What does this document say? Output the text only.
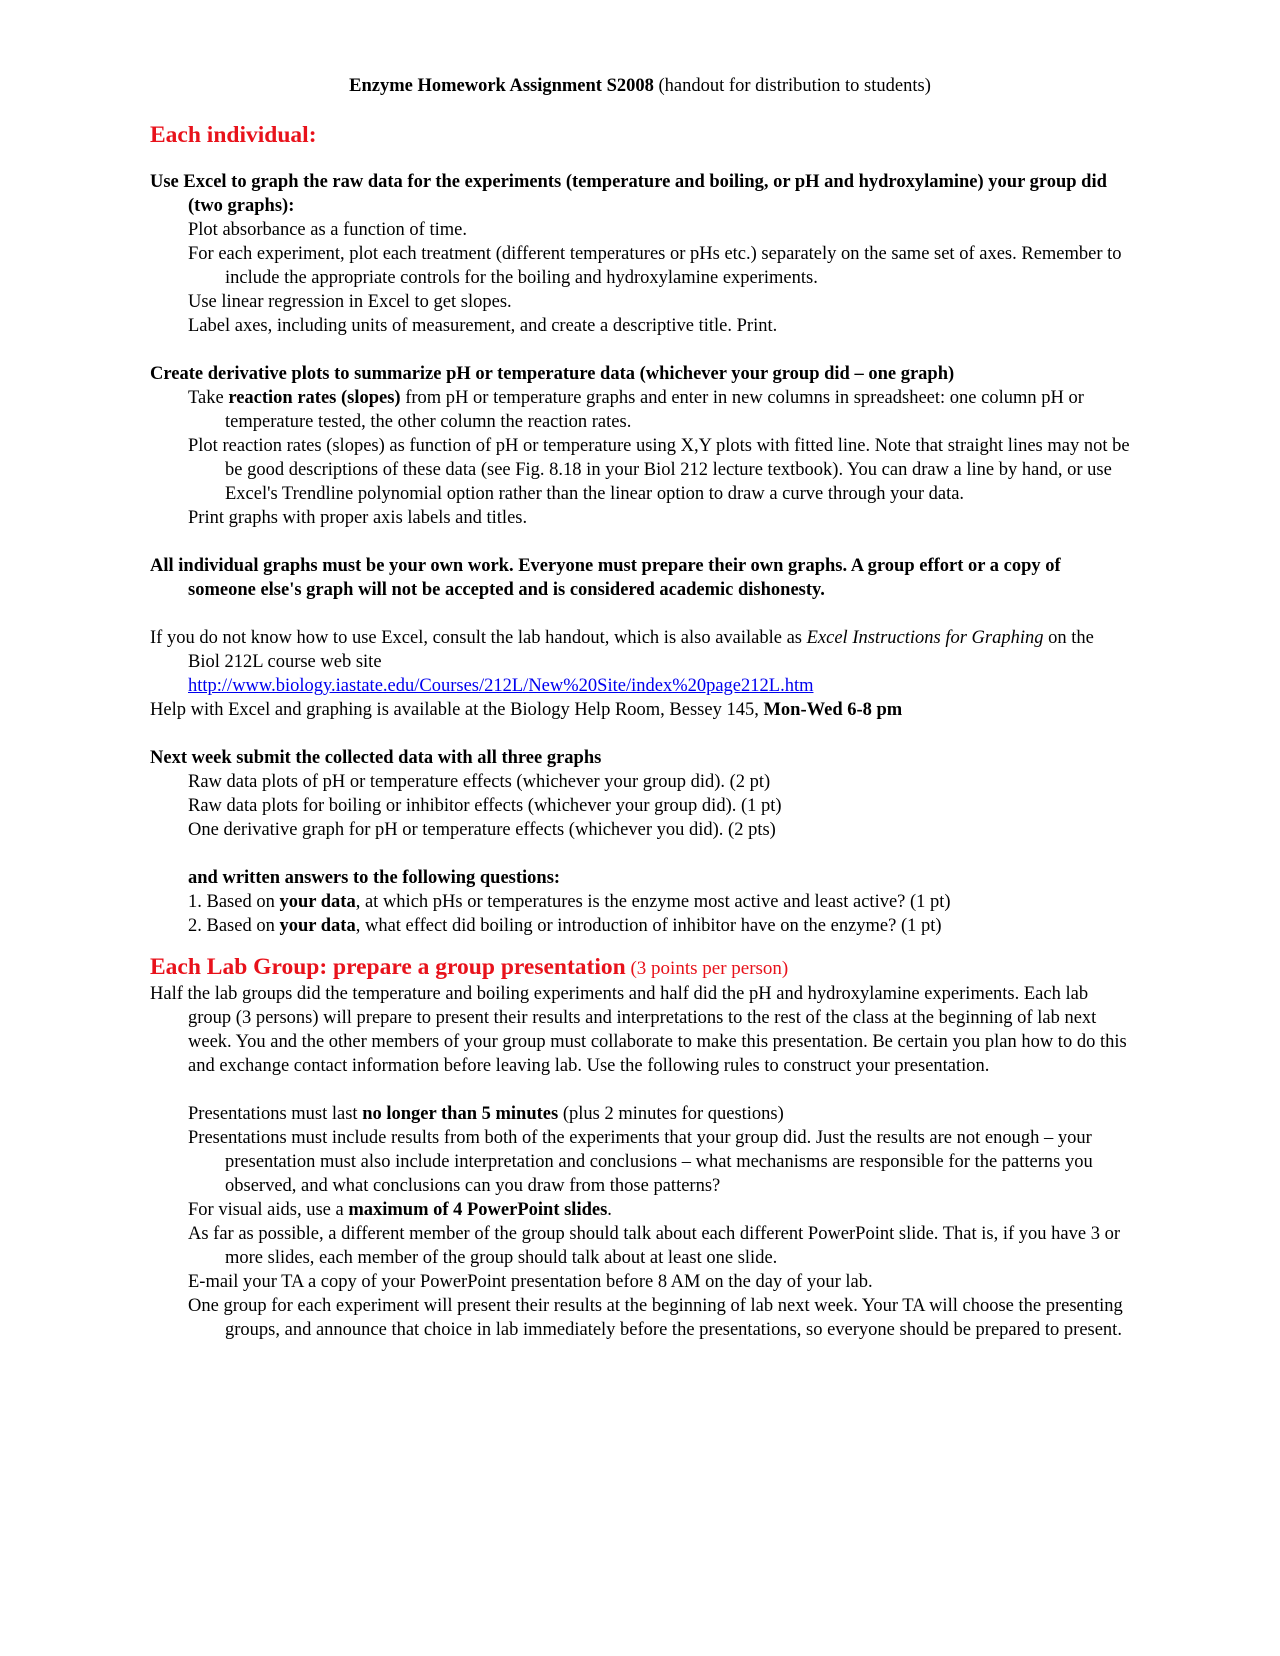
Enzyme Homework Assignment S2008 (handout for distribution to students)

Each individual:

Use Excel to graph the raw data for the experiments (temperature and boiling, or pH and hydroxylamine) your group did (two graphs):

Plot absorbance as a function of time.

For each experiment, plot each treatment (different temperatures or pHs etc.) separately on the same set of axes. Remember to include the appropriate controls for the boiling and hydroxylamine experiments.

Use linear regression in Excel to get slopes.

Label axes, including units of measurement, and create a descriptive title. Print.

Create derivative plots to summarize pH or temperature data (whichever your group did – one graph)

Take reaction rates (slopes) from pH or temperature graphs and enter in new columns in spreadsheet: one column pH or temperature tested, the other column the reaction rates.

Plot reaction rates (slopes) as function of pH or temperature using X,Y plots with fitted line. Note that straight lines may not be be good descriptions of these data (see Fig. 8.18 in your Biol 212 lecture textbook). You can draw a line by hand, or use Excel's Trendline polynomial option rather than the linear option to draw a curve through your data.

Print graphs with proper axis labels and titles.

All individual graphs must be your own work. Everyone must prepare their own graphs. A group effort or a copy of someone else's graph will not be accepted and is considered academic dishonesty.

If you do not know how to use Excel, consult the lab handout, which is also available as Excel Instructions for Graphing on the Biol 212L course web site
http://www.biology.iastate.edu/Courses/212L/New%20Site/index%20page212L.htm

Help with Excel and graphing is available at the Biology Help Room, Bessey 145, Mon-Wed 6-8 pm

Next week submit the collected data with all three graphs

Raw data plots of pH or temperature effects (whichever your group did). (2 pt)

Raw data plots for boiling or inhibitor effects (whichever your group did). (1 pt)

One derivative graph for pH or temperature effects (whichever you did). (2 pts)

and written answers to the following questions:

1. Based on your data, at which pHs or temperatures is the enzyme most active and least active? (1 pt)

2. Based on your data, what effect did boiling or introduction of inhibitor have on the enzyme? (1 pt)

Each Lab Group: prepare a group presentation (3 points per person)

Half the lab groups did the temperature and boiling experiments and half did the pH and hydroxylamine experiments. Each lab group (3 persons) will prepare to present their results and interpretations to the rest of the class at the beginning of lab next week. You and the other members of your group must collaborate to make this presentation. Be certain you plan how to do this and exchange contact information before leaving lab. Use the following rules to construct your presentation.

Presentations must last no longer than 5 minutes (plus 2 minutes for questions)

Presentations must include results from both of the experiments that your group did. Just the results are not enough – your presentation must also include interpretation and conclusions – what mechanisms are responsible for the patterns you observed, and what conclusions can you draw from those patterns?

For visual aids, use a maximum of 4 PowerPoint slides.

As far as possible, a different member of the group should talk about each different PowerPoint slide. That is, if you have 3 or more slides, each member of the group should talk about at least one slide.

E-mail your TA a copy of your PowerPoint presentation before 8 AM on the day of your lab.

One group for each experiment will present their results at the beginning of lab next week. Your TA will choose the presenting groups, and announce that choice in lab immediately before the presentations, so everyone should be prepared to present.
